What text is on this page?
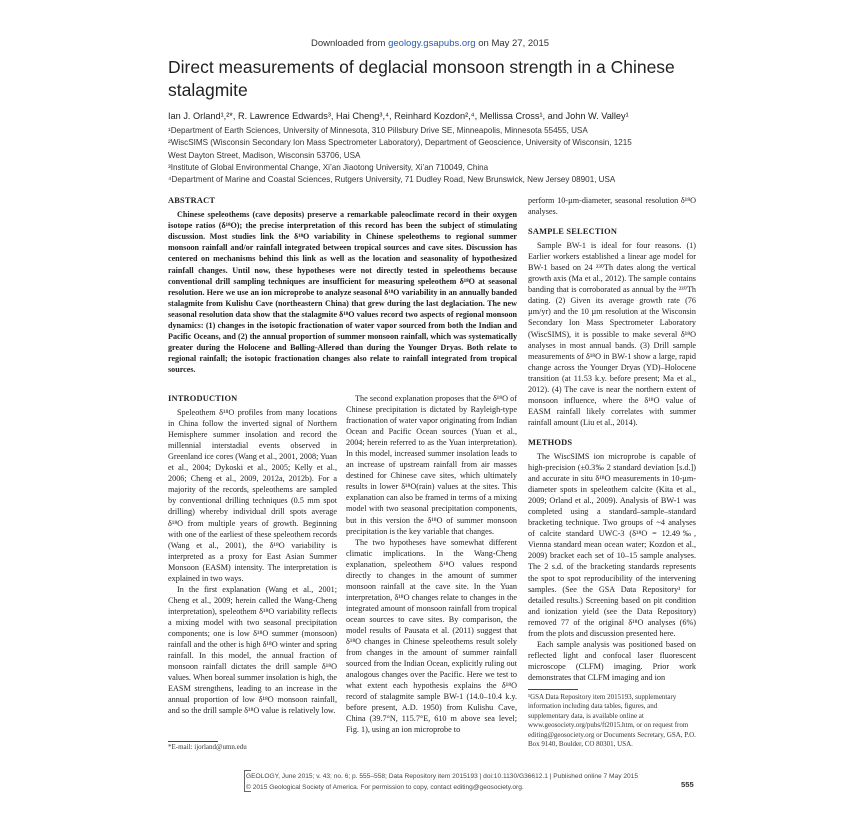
Downloaded from geology.gsapubs.org on May 27, 2015
Direct measurements of deglacial monsoon strength in a Chinese stalagmite
Ian J. Orland¹,²*, R. Lawrence Edwards³, Hai Cheng³,⁴, Reinhard Kozdon²,⁴, Mellissa Cross¹, and John W. Valley¹
¹Department of Earth Sciences, University of Minnesota, 310 Pillsbury Drive SE, Minneapolis, Minnesota 55455, USA
²WiscSIMS (Wisconsin Secondary Ion Mass Spectrometer Laboratory), Department of Geoscience, University of Wisconsin, 1215
West Dayton Street, Madison, Wisconsin 53706, USA
³Institute of Global Environmental Change, Xi’an Jiaotong University, Xi’an 710049, China
⁴Department of Marine and Coastal Sciences, Rutgers University, 71 Dudley Road, New Brunswick, New Jersey 08901, USA
ABSTRACT

Chinese speleothems (cave deposits) preserve a remarkable paleoclimate record in their oxygen isotope ratios (δ¹⁸O); the precise interpretation of this record has been the subject of stimulating discussion. Most studies link the δ¹⁸O variability in Chinese speleothems to regional summer monsoon rainfall and/or rainfall integrated between tropical sources and cave sites. Discussion has centered on mechanisms behind this link as well as the location and seasonality of hypothesized rainfall changes. Until now, these hypotheses were not directly tested in speleothems because conventional drill sampling techniques are insufficient for measuring speleothem δ¹⁸O at seasonal resolution. Here we use an ion microprobe to analyze seasonal δ¹⁸O variability in an annually banded stalagmite from Kulishu Cave (northeastern China) that grew during the last deglaciation. The new seasonal resolution data show that the stalagmite δ¹⁸O values record two aspects of regional monsoon dynamics: (1) changes in the isotopic fractionation of water vapor sourced from both the Indian and Pacific Oceans, and (2) the annual proportion of summer monsoon rainfall, which was systematically greater during the Holocene and Bølling-Allerød than during the Younger Dryas. Both relate to regional rainfall; the isotopic fractionation changes also relate to rainfall integrated from tropical sources.

INTRODUCTION

Speleothem δ¹⁸O profiles from many locations in China follow the inverted signal of Northern Hemisphere summer insolation and record the millennial interstadial events observed in Greenland ice cores (Wang et al., 2001, 2008; Yuan et al., 2004; Dykoski et al., 2005; Kelly et al., 2006; Cheng et al., 2009, 2012a, 2012b). For a majority of the records, speleothems are sampled by conventional drilling techniques (0.5 mm spot drilling) whereby individual drill spots average δ¹⁸O from multiple years of growth. Beginning with one of the earliest of these speleothem records (Wang et al., 2001), the δ¹⁸O variability is interpreted as a proxy for East Asian Summer Monsoon (EASM) intensity. The interpretation is explained in two ways.

In the first explanation (Wang et al., 2001; Cheng et al., 2009; herein called the Wang-Cheng interpretation), speleothem δ¹⁸O variability reflects a mixing model with two seasonal precipitation components; one is low δ¹⁸O summer (monsoon) rainfall and the other is high δ¹⁸O winter and spring rainfall. In this model, the annual fraction of monsoon rainfall dictates the drill sample δ¹⁸O values. When boreal summer insolation is high, the EASM strengthens, leading to an increase in the annual proportion of low δ¹⁸O monsoon rainfall, and so the drill sample δ¹⁸O value is relatively low.

*E-mail: ijorland@umn.edu

The second explanation proposes that the δ¹⁸O of Chinese precipitation is dictated by Rayleigh-type fractionation of water vapor originating from Indian Ocean and Pacific Ocean sources (Yuan et al., 2004; herein referred to as the Yuan interpretation). In this model, increased summer insolation leads to an increase of upstream rainfall from air masses destined for Chinese cave sites, which ultimately results in lower δ¹⁸O(rain) values at the sites. This explanation can also be framed in terms of a mixing model with two seasonal precipitation components, but in this version the δ¹⁸O of summer monsoon precipitation is the key variable that changes.

The two hypotheses have somewhat different climatic implications. In the Wang-Cheng explanation, speleothem δ¹⁸O values respond directly to changes in the amount of summer monsoon rainfall at the cave site. In the Yuan interpretation, δ¹⁸O changes relate to changes in the integrated amount of monsoon rainfall from tropical ocean sources to cave sites. By comparison, the model results of Pausata et al. (2011) suggest that δ¹⁸O changes in Chinese speleothems result solely from changes in the amount of summer rainfall sourced from the Indian Ocean, explicitly ruling out analogous changes over the Pacific. Here we test to what extent each hypothesis explains the δ¹⁸O record of stalagmite sample BW-1 (14.0–10.4 k.y. before present, A.D. 1950) from Kulishu Cave, China (39.7°N, 115.7°E, 610 m above sea level; Fig. 1), using an ion microprobe to

perform 10-µm-diameter, seasonal resolution δ¹⁸O analyses.

SAMPLE SELECTION

Sample BW-1 is ideal for four reasons. (1) Earlier workers established a linear age model for BW-1 based on 24 ²³⁰Th dates along the vertical growth axis (Ma et al., 2012). The sample contains banding that is corroborated as annual by the ²³⁰Th dating. (2) Given its average growth rate (76 µm/yr) and the 10 µm resolution at the Wisconsin Secondary Ion Mass Spectrometer Laboratory (WiscSIMS), it is possible to make several δ¹⁸O analyses in most annual bands. (3) Drill sample measurements of δ¹⁸O in BW-1 show a large, rapid change across the Younger Dryas (YD)–Holocene transition (at 11.53 k.y. before present; Ma et al., 2012). (4) The cave is near the northern extent of monsoon influence, where the δ¹⁸O value of EASM rainfall likely correlates with summer rainfall amount (Liu et al., 2014).

METHODS

The WiscSIMS ion microprobe is capable of high-precision (±0.3‰ 2 standard deviation [s.d.]) and accurate in situ δ¹⁸O measurements in 10-µm-diameter spots in speleothem calcite (Kita et al., 2009; Orland et al., 2009). Analysis of BW-1 was completed using a standard–sample–standard bracketing technique. Two groups of ~4 analyses of calcite standard UWC-3 (δ¹⁸O = 12.49‰, Vienna standard mean ocean water; Kozdon et al., 2009) bracket each set of 10–15 sample analyses. The 2 s.d. of the bracketing standards represents the spot to spot reproducibility of the intervening samples. (See the GSA Data Repository¹ for detailed results.) Screening based on pit condition and ionization yield (see the Data Repository) removed 77 of the original δ¹⁸O analyses (6%) from the plots and discussion presented here.

Each sample analysis was positioned based on reflected light and confocal laser fluorescent microscope (CLFM) imaging. Prior work demonstrates that CLFM imaging and ion

¹GSA Data Repository item 2015193, supplementary information including data tables, figures, and supplementary data, is available online at www.geosociety.org/pubs/ft2015.htm, or on request from editing@geosociety.org or Documents Secretary, GSA, P.O. Box 9140, Boulder, CO 80301, USA.
GEOLOGY, June 2015; v. 43; no. 6; p. 555–558; Data Repository item 2015193 | doi:10.1130/G36612.1 | Published online 7 May 2015
© 2015 Geological Society of America. For permission to copy, contact editing@geosociety.org.	555
